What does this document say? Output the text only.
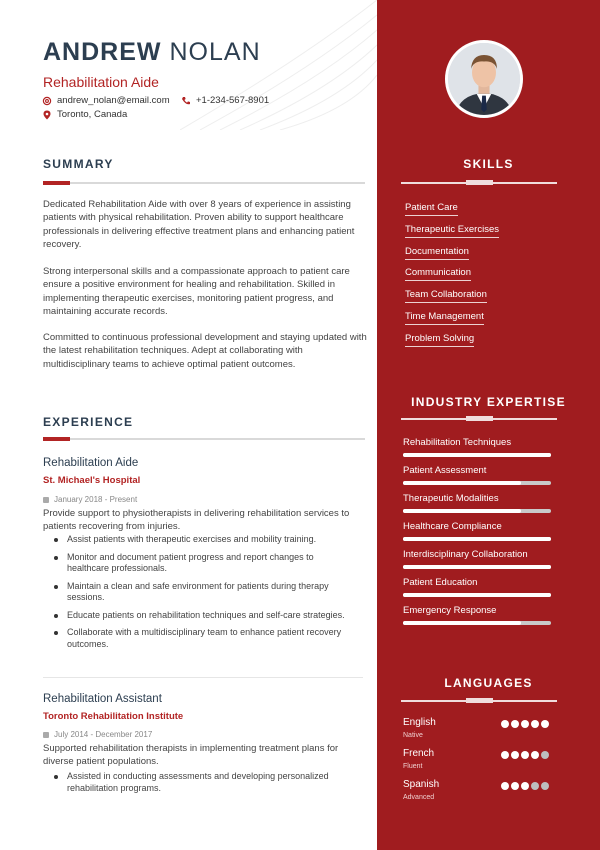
ANDREW NOLAN
Rehabilitation Aide
andrew_nolan@email.com	+1-234-567-8901
Toronto, Canada
SUMMARY
Dedicated Rehabilitation Aide with over 8 years of experience in assisting patients with physical rehabilitation. Proven ability to support healthcare professionals in delivering effective treatment plans and enhancing patient recovery.
Strong interpersonal skills and a compassionate approach to patient care ensure a positive environment for healing and rehabilitation. Skilled in implementing therapeutic exercises, monitoring patient progress, and maintaining accurate records.
Committed to continuous professional development and staying updated with the latest rehabilitation techniques. Adept at collaborating with multidisciplinary teams to achieve optimal patient outcomes.
EXPERIENCE
Rehabilitation Aide
St. Michael's Hospital
January 2018 - Present
Provide support to physiotherapists in delivering rehabilitation services to patients recovering from injuries.
Assist patients with therapeutic exercises and mobility training.
Monitor and document patient progress and report changes to healthcare professionals.
Maintain a clean and safe environment for patients during therapy sessions.
Educate patients on rehabilitation techniques and self-care strategies.
Collaborate with a multidisciplinary team to enhance patient recovery outcomes.
Rehabilitation Assistant
Toronto Rehabilitation Institute
July 2014 - December 2017
Supported rehabilitation therapists in implementing treatment plans for diverse patient populations.
Assisted in conducting assessments and developing personalized rehabilitation programs.
SKILLS
Patient Care
Therapeutic Exercises
Documentation
Communication
Team Collaboration
Time Management
Problem Solving
INDUSTRY EXPERTISE
Rehabilitation Techniques
Patient Assessment
Therapeutic Modalities
Healthcare Compliance
Interdisciplinary Collaboration
Patient Education
Emergency Response
LANGUAGES
English
Native
French
Fluent
Spanish
Advanced
